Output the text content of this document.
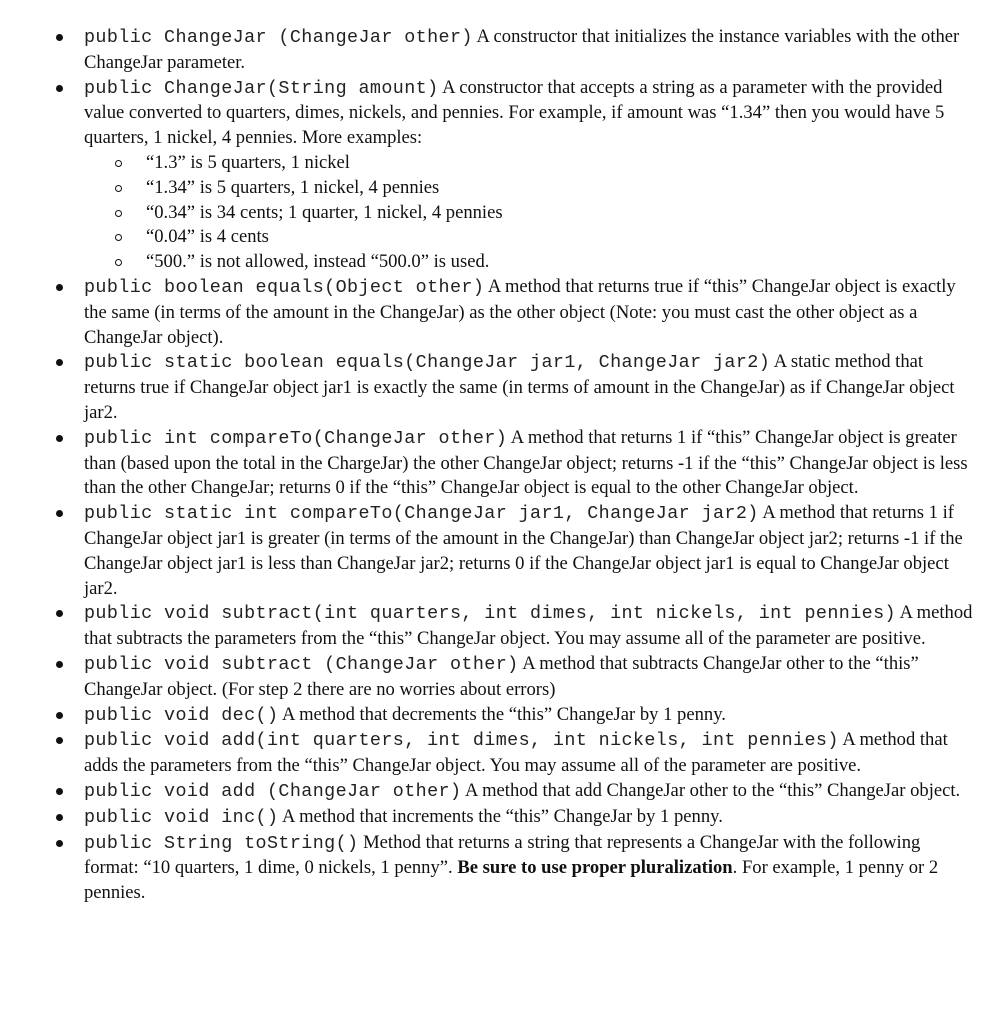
public ChangeJar (ChangeJar other) A constructor that initializes the instance variables with the other ChangeJar parameter.
public ChangeJar(String amount) A constructor that accepts a string as a parameter with the provided value converted to quarters, dimes, nickels, and pennies. For example, if amount was “1.34” then you would have 5 quarters, 1 nickel, 4 pennies. More examples:
“1.3” is 5 quarters, 1 nickel
“1.34” is 5 quarters, 1 nickel, 4 pennies
“0.34” is 34 cents; 1 quarter, 1 nickel, 4 pennies
“0.04” is 4 cents
“500.” is not allowed, instead “500.0” is used.
public boolean equals(Object other) A method that returns true if “this” ChangeJar object is exactly the same (in terms of the amount in the ChangeJar) as the other object (Note: you must cast the other object as a ChangeJar object).
public static boolean equals(ChangeJar jar1, ChangeJar jar2) A static method that returns true if ChangeJar object jar1 is exactly the same (in terms of amount in the ChangeJar) as if ChangeJar object jar2.
public int compareTo(ChangeJar other) A method that returns 1 if “this” ChangeJar object is greater than (based upon the total in the ChargeJar) the other ChangeJar object; returns -1 if the “this” ChangeJar object is less than the other ChangeJar; returns 0 if the “this” ChangeJar object is equal to the other ChangeJar object.
public static int compareTo(ChangeJar jar1, ChangeJar jar2) A method that returns 1 if ChangeJar object jar1 is greater (in terms of the amount in the ChangeJar) than ChangeJar object jar2; returns -1 if the ChangeJar object jar1 is less than ChangeJar jar2; returns 0 if the ChangeJar object jar1 is equal to ChangeJar object jar2.
public void subtract(int quarters, int dimes, int nickels, int pennies) A method that subtracts the parameters from the “this” ChangeJar object. You may assume all of the parameter are positive.
public void subtract (ChangeJar other) A method that subtracts ChangeJar other to the “this” ChangeJar object. (For step 2 there are no worries about errors)
public void dec() A method that decrements the “this” ChangeJar by 1 penny.
public void add(int quarters, int dimes, int nickels, int pennies) A method that adds the parameters from the “this” ChangeJar object. You may assume all of the parameter are positive.
public void add (ChangeJar other) A method that add ChangeJar other to the “this” ChangeJar object.
public void inc() A method that increments the “this” ChangeJar by 1 penny.
public String toString() Method that returns a string that represents a ChangeJar with the following format: “10 quarters, 1 dime, 0 nickels, 1 penny”. Be sure to use proper pluralization. For example, 1 penny or 2 pennies.
